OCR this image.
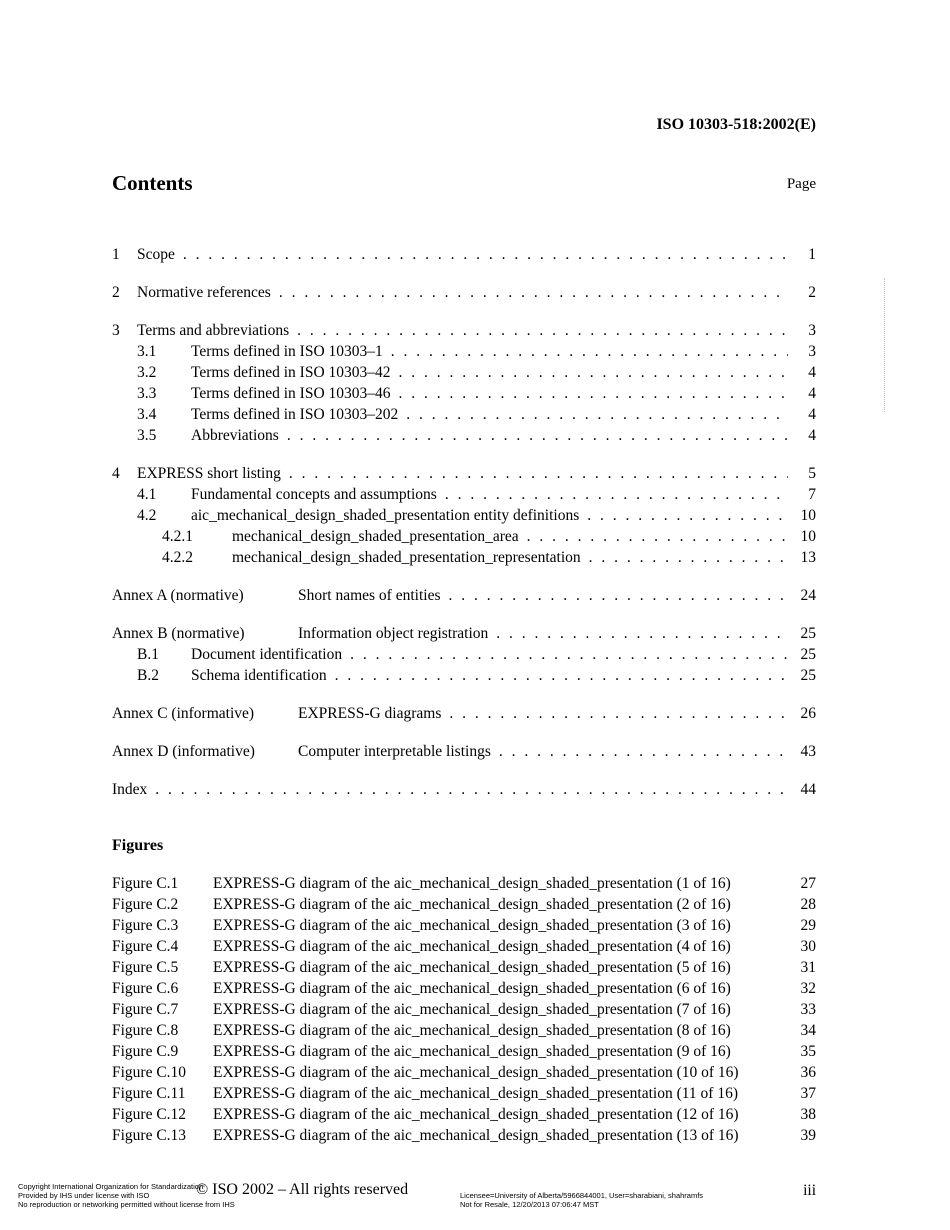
ISO 10303-518:2002(E)
Contents	Page
1	Scope . . .	1
2	Normative references . . .	2
3	Terms and abbreviations . . .	3
3.1	Terms defined in ISO 10303–1 . . .	3
3.2	Terms defined in ISO 10303–42 . . .	4
3.3	Terms defined in ISO 10303–46 . . .	4
3.4	Terms defined in ISO 10303–202 . . .	4
3.5	Abbreviations . . .	4
4	EXPRESS short listing . . .	5
4.1	Fundamental concepts and assumptions . . .	7
4.2	aic_mechanical_design_shaded_presentation entity definitions . . .	10
4.2.1	mechanical_design_shaded_presentation_area . . .	10
4.2.2	mechanical_design_shaded_presentation_representation . . .	13
Annex A (normative)	Short names of entities . . .	24
Annex B (normative)	Information object registration . . .	25
B.1	Document identification . . .	25
B.2	Schema identification . . .	25
Annex C (informative)	EXPRESS-G diagrams . . .	26
Annex D (informative)	Computer interpretable listings . . .	43
Index . . .	44
Figures
Figure C.1	EXPRESS-G diagram of the aic_mechanical_design_shaded_presentation (1 of 16)	27
Figure C.2	EXPRESS-G diagram of the aic_mechanical_design_shaded_presentation (2 of 16)	28
Figure C.3	EXPRESS-G diagram of the aic_mechanical_design_shaded_presentation (3 of 16)	29
Figure C.4	EXPRESS-G diagram of the aic_mechanical_design_shaded_presentation (4 of 16)	30
Figure C.5	EXPRESS-G diagram of the aic_mechanical_design_shaded_presentation (5 of 16)	31
Figure C.6	EXPRESS-G diagram of the aic_mechanical_design_shaded_presentation (6 of 16)	32
Figure C.7	EXPRESS-G diagram of the aic_mechanical_design_shaded_presentation (7 of 16)	33
Figure C.8	EXPRESS-G diagram of the aic_mechanical_design_shaded_presentation (8 of 16)	34
Figure C.9	EXPRESS-G diagram of the aic_mechanical_design_shaded_presentation (9 of 16)	35
Figure C.10	EXPRESS-G diagram of the aic_mechanical_design_shaded_presentation (10 of 16)	36
Figure C.11	EXPRESS-G diagram of the aic_mechanical_design_shaded_presentation (11 of 16)	37
Figure C.12	EXPRESS-G diagram of the aic_mechanical_design_shaded_presentation (12 of 16)	38
Figure C.13	EXPRESS-G diagram of the aic_mechanical_design_shaded_presentation (13 of 16)	39
© ISO 2002 – All rights reserved
Copyright International Organization for Standardization
Provided by IHS under license with ISO
No reproduction or networking permitted without license from IHS
Licensee=University of Alberta/5966844001, User=sharabiani, shahramfs
Not for Resale, 12/20/2013 07:06:47 MST
iii
